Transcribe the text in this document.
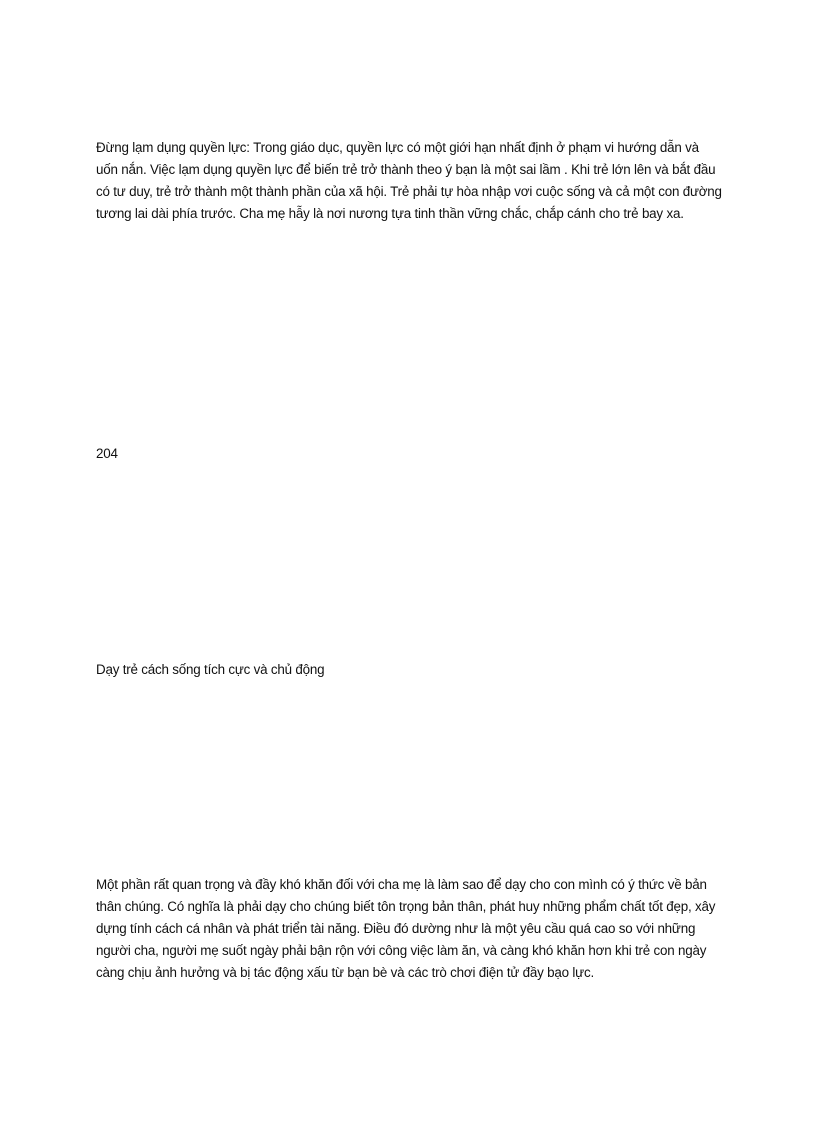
Đừng lạm dụng quyền lực: Trong giáo dục, quyền lực có một giới hạn nhất định ở phạm vi hướng dẫn và uốn nắn. Việc lạm dụng quyền lực để biến trẻ trở thành theo ý bạn là một sai lầm . Khi trẻ lớn lên và bắt đầu có tư duy, trẻ trở thành một thành phần của xã hội. Trẻ phải tự hòa nhập vơi cuộc sống và cả một con đường tương lai dài phía trước. Cha mẹ hẫy là nơi nương tựa tinh thần vững chắc, chắp cánh cho trẻ bay xa.

204

Dạy trẻ cách sống tích cực và chủ động

Một phần rất quan trọng và đầy khó khăn đối với cha mẹ là làm sao để dạy cho con mình có ý thức về bản thân chúng. Có nghĩa là phải dạy cho chúng biết tôn trọng bản thân, phát huy những phẩm chất tốt đẹp, xây dựng tính cách cá nhân và phát triển tài năng. Điều đó dường như là một yêu cầu quá cao so với những người cha, người mẹ suốt ngày phải bận rộn với công việc làm ăn, và càng khó khăn hơn khi trẻ con ngày càng chịu ảnh hưởng và bị tác động xấu từ bạn bè và các trò chơi điện tử đầy bạo lực.
